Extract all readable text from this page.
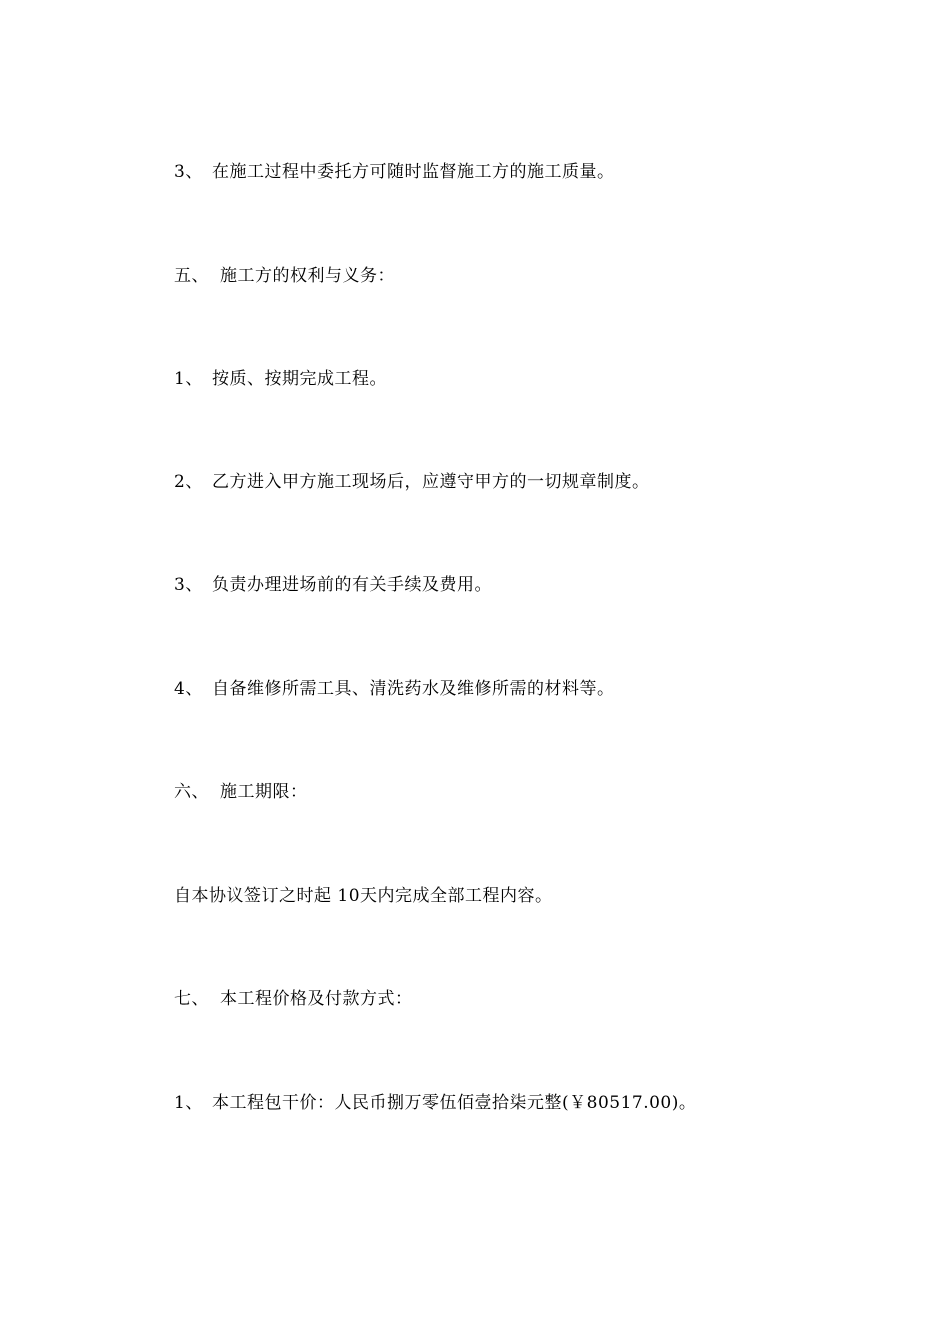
3、 在施工过程中委托方可随时监督施工方的施工质量。
五、 施工方的权利与义务：
1、 按质、按期完成工程。
2、 乙方进入甲方施工现场后，应遵守甲方的一切规章制度。
3、 负责办理进场前的有关手续及费用。
4、 自备维修所需工具、清洗药水及维修所需的材料等。
六、 施工期限：
自本协议签订之时起 10天内完成全部工程内容。
七、 本工程价格及付款方式：
1、 本工程包干价：人民币捌万零伍佰壹拾柒元整(￥80517.00)。
